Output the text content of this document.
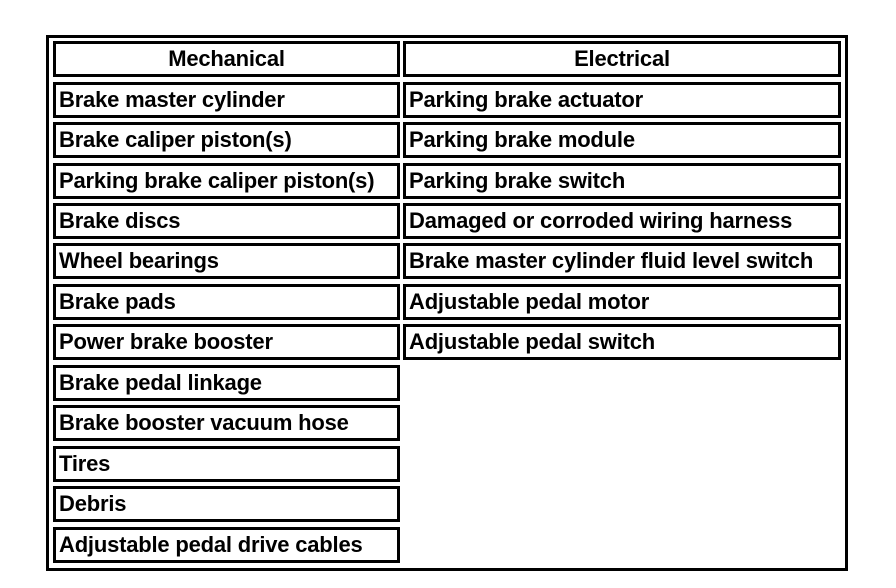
Mechanical	Electrical
Brake master cylinder
Brake caliper piston(s)
Parking brake caliper piston(s)
Brake discs
Wheel bearings
Brake pads
Power brake booster
Brake pedal linkage
Brake booster vacuum hose
Tires
Debris
Adjustable pedal drive cables
Parking brake actuator
Parking brake module
Parking brake switch
Damaged or corroded wiring harness
Brake master cylinder fluid level switch
Adjustable pedal motor
Adjustable pedal switch
